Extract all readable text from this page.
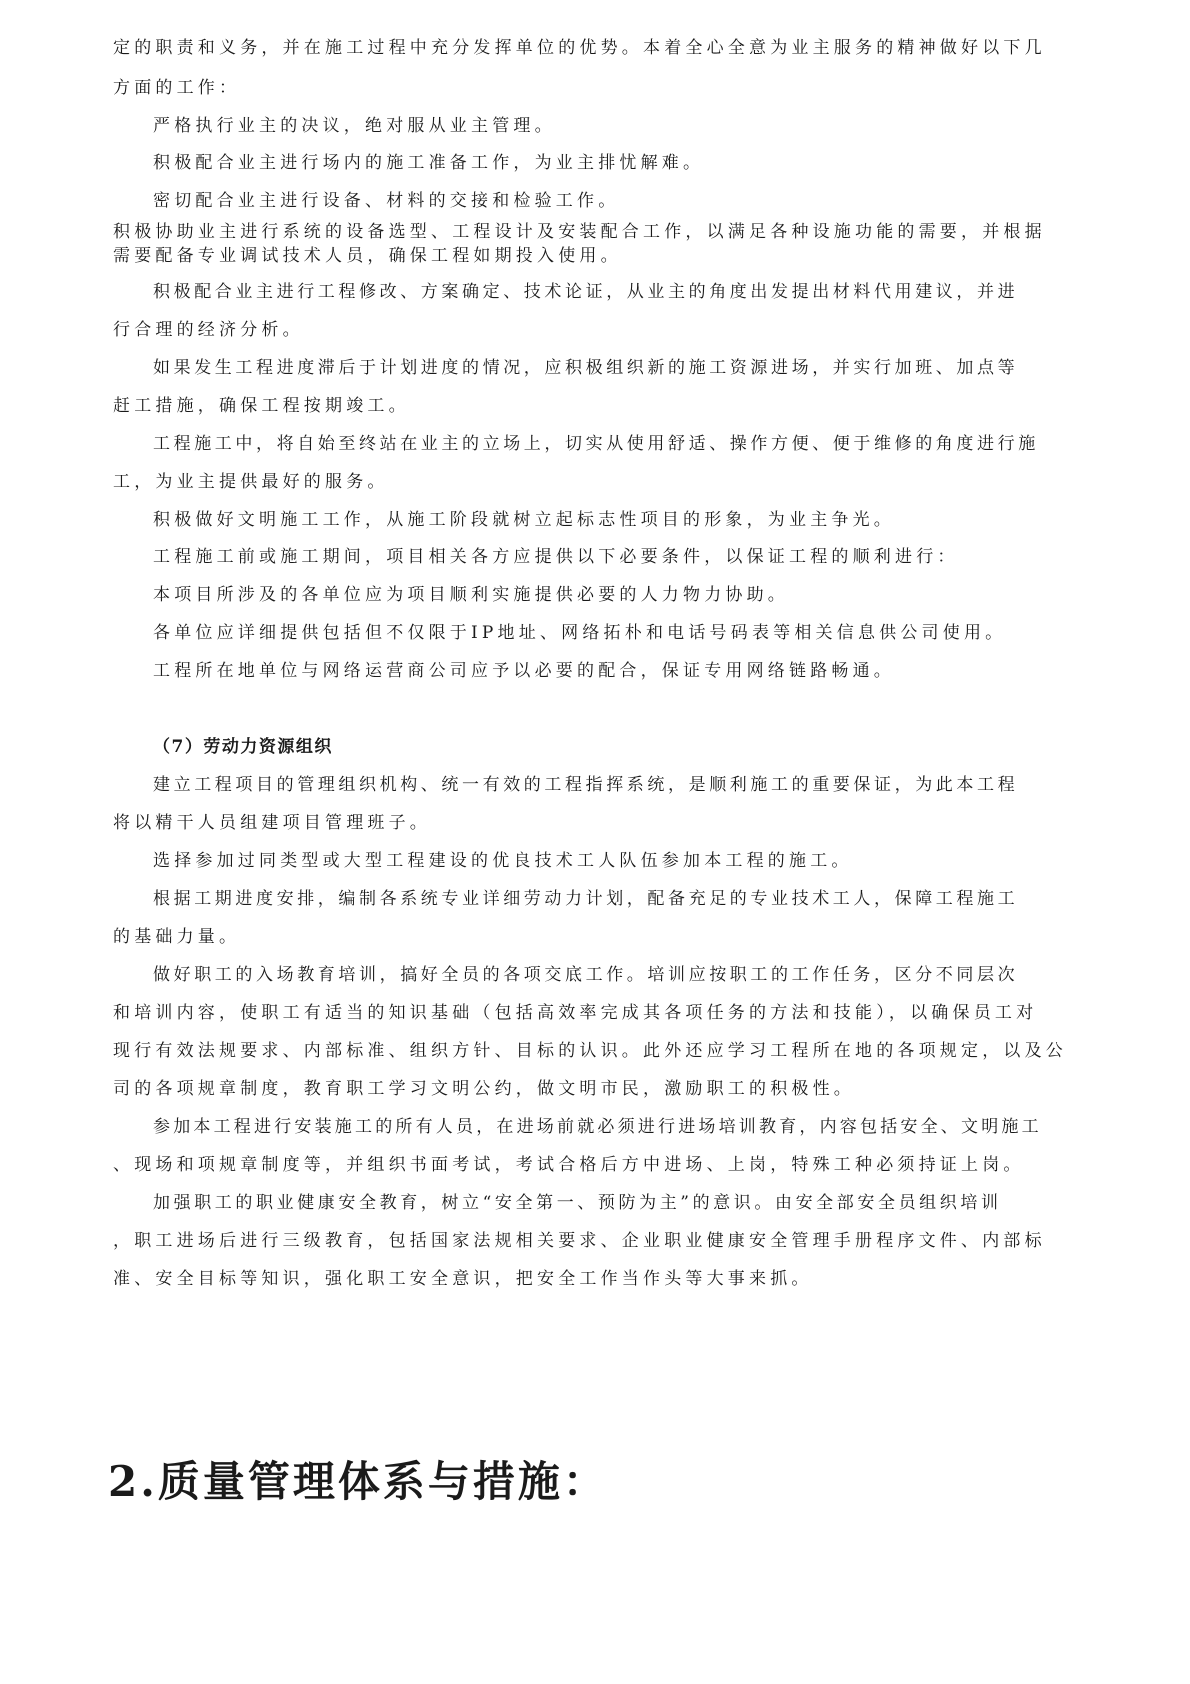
定的职责和义务，并在施工过程中充分发挥单位的优势。本着全心全意为业主服务的精神做好以下几

方面的工作：

严格执行业主的决议，绝对服从业主管理。

积极配合业主进行场内的施工准备工作，为业主排忧解难。

密切配合业主进行设备、材料的交接和检验工作。

积极协助业主进行系统的设备选型、工程设计及安装配合工作，以满足各种设施功能的需要，并根据

需要配备专业调试技术人员，确保工程如期投入使用。

积极配合业主进行工程修改、方案确定、技术论证，从业主的角度出发提出材料代用建议，并进

行合理的经济分析。

如果发生工程进度滞后于计划进度的情况，应积极组织新的施工资源进场，并实行加班、加点等

赶工措施，确保工程按期竣工。

工程施工中，将自始至终站在业主的立场上，切实从使用舒适、操作方便、便于维修的角度进行施

工，为业主提供最好的服务。

积极做好文明施工工作，从施工阶段就树立起标志性项目的形象，为业主争光。

工程施工前或施工期间，项目相关各方应提供以下必要条件，以保证工程的顺利进行：

本项目所涉及的各单位应为项目顺利实施提供必要的人力物力协助。

各单位应详细提供包括但不仅限于IP地址、网络拓朴和电话号码表等相关信息供公司使用。

工程所在地单位与网络运营商公司应予以必要的配合，保证专用网络链路畅通。

（7）劳动力资源组织

建立工程项目的管理组织机构、统一有效的工程指挥系统，是顺利施工的重要保证，为此本工程

将以精干人员组建项目管理班子。

选择参加过同类型或大型工程建设的优良技术工人队伍参加本工程的施工。

根据工期进度安排，编制各系统专业详细劳动力计划，配备充足的专业技术工人，保障工程施工

的基础力量。

做好职工的入场教育培训，搞好全员的各项交底工作。培训应按职工的工作任务，区分不同层次

和培训内容，使职工有适当的知识基础（包括高效率完成其各项任务的方法和技能），以确保员工对

现行有效法规要求、内部标准、组织方针、目标的认识。此外还应学习工程所在地的各项规定，以及公

司的各项规章制度，教育职工学习文明公约，做文明市民，激励职工的积极性。

参加本工程进行安装施工的所有人员，在进场前就必须进行进场培训教育，内容包括安全、文明施工

、现场和项规章制度等，并组织书面考试，考试合格后方中进场、上岗，特殊工种必须持证上岗。

加强职工的职业健康安全教育，树立“安全第一、预防为主”的意识。由安全部安全员组织培训

，职工进场后进行三级教育，包括国家法规相关要求、企业职业健康安全管理手册程序文件、内部标

准、安全目标等知识，强化职工安全意识，把安全工作当作头等大事来抓。

2.质量管理体系与措施：
